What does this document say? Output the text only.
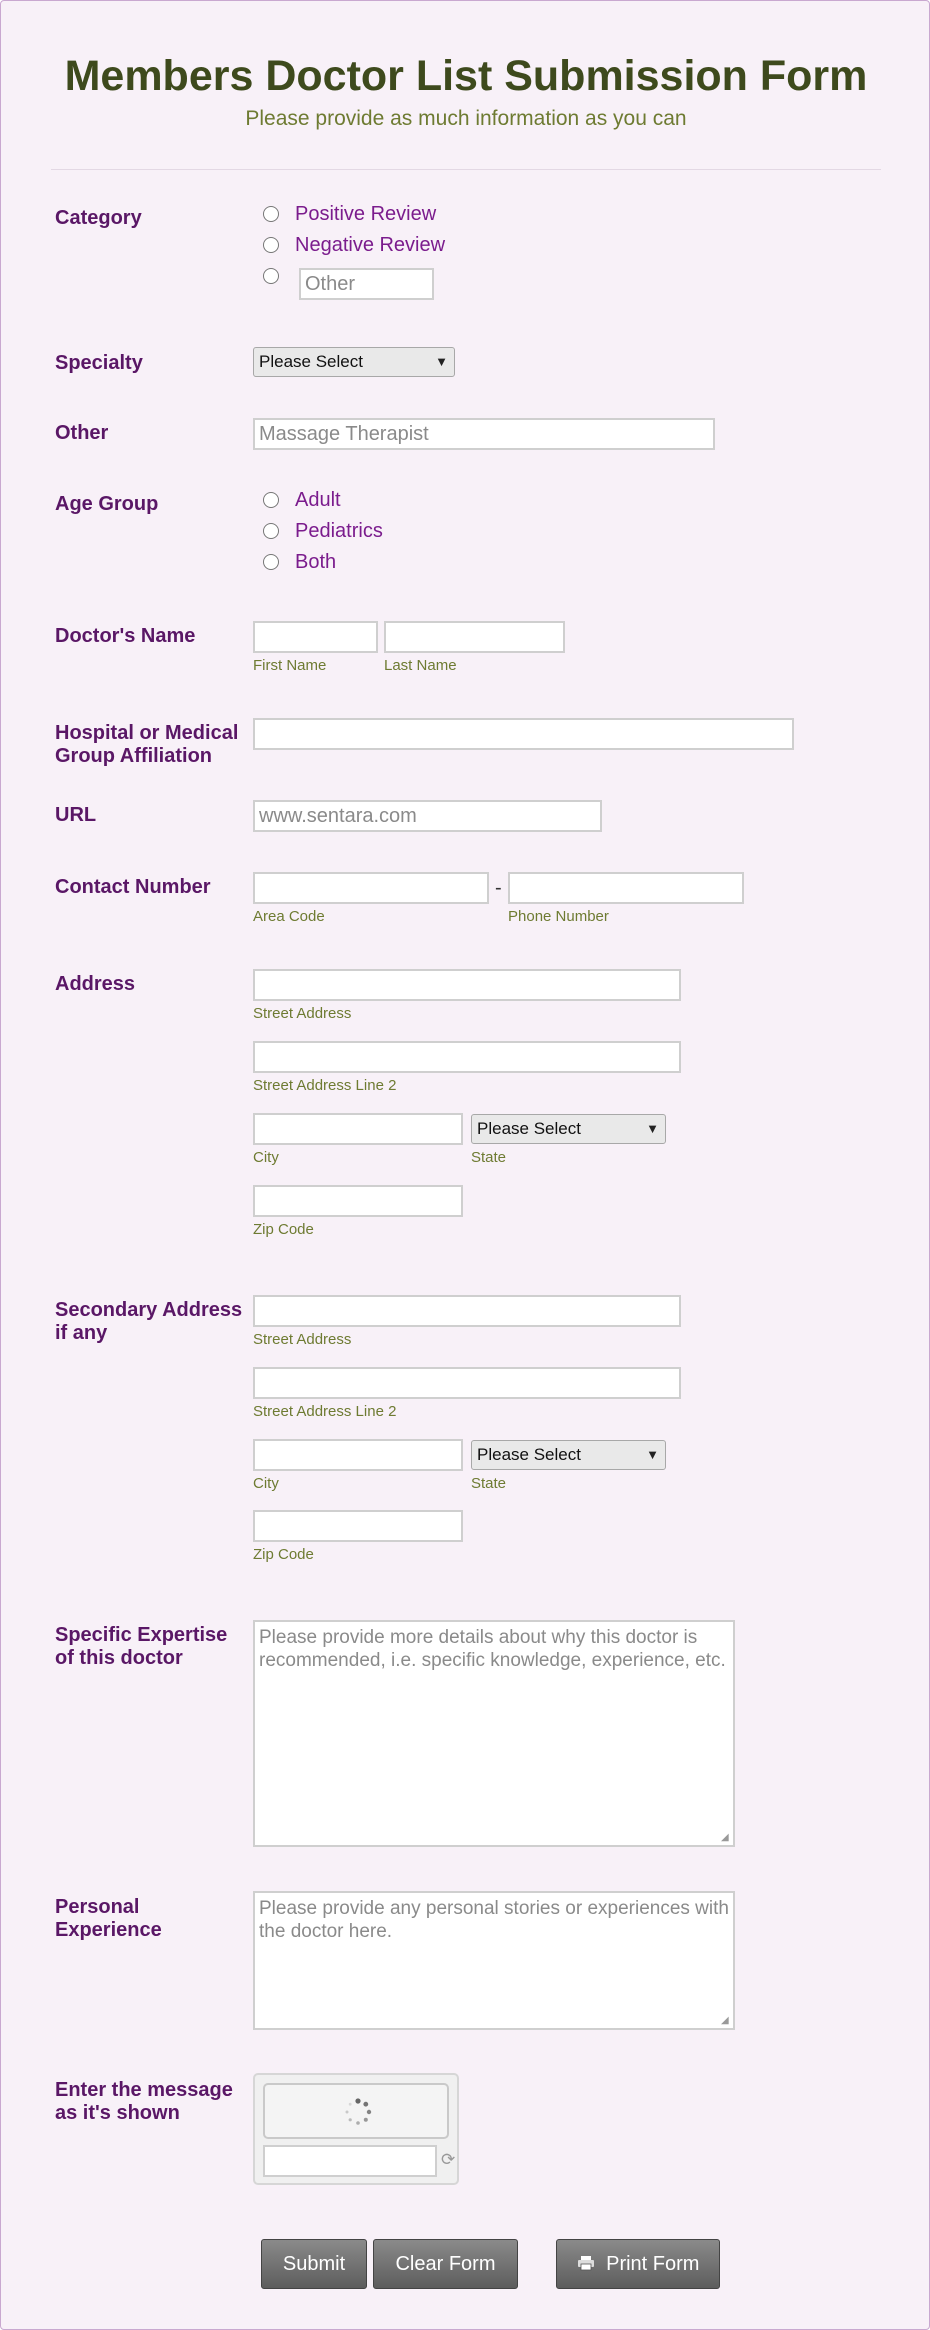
Members Doctor List Submission Form
Please provide as much information as you can
Category	Positive Review
Negative Review
Other
Specialty	Please Select	▼
Other	Massage Therapist
Age Group	Adult
Pediatrics
Both
Doctor's Name
First Name	Last Name
Hospital or Medical Group Affiliation
URL	www.sentara.com
Contact Number	-
Area Code	Phone Number
Address
Street Address
Street Address Line 2
Please Select	▼
City	State
Zip Code
Secondary Address if any	Street Address
Street Address Line 2
Please Select	▼
City	State
Zip Code
Specific Expertise of this doctor
Please provide more details about why this doctor is recommended, i.e. specific knowledge, experience, etc.
◢
Personal Experience
Please provide any personal stories or experiences with the doctor here.
◢
Enter the message as it's shown
⟳
Submit	Clear Form	Print Form
